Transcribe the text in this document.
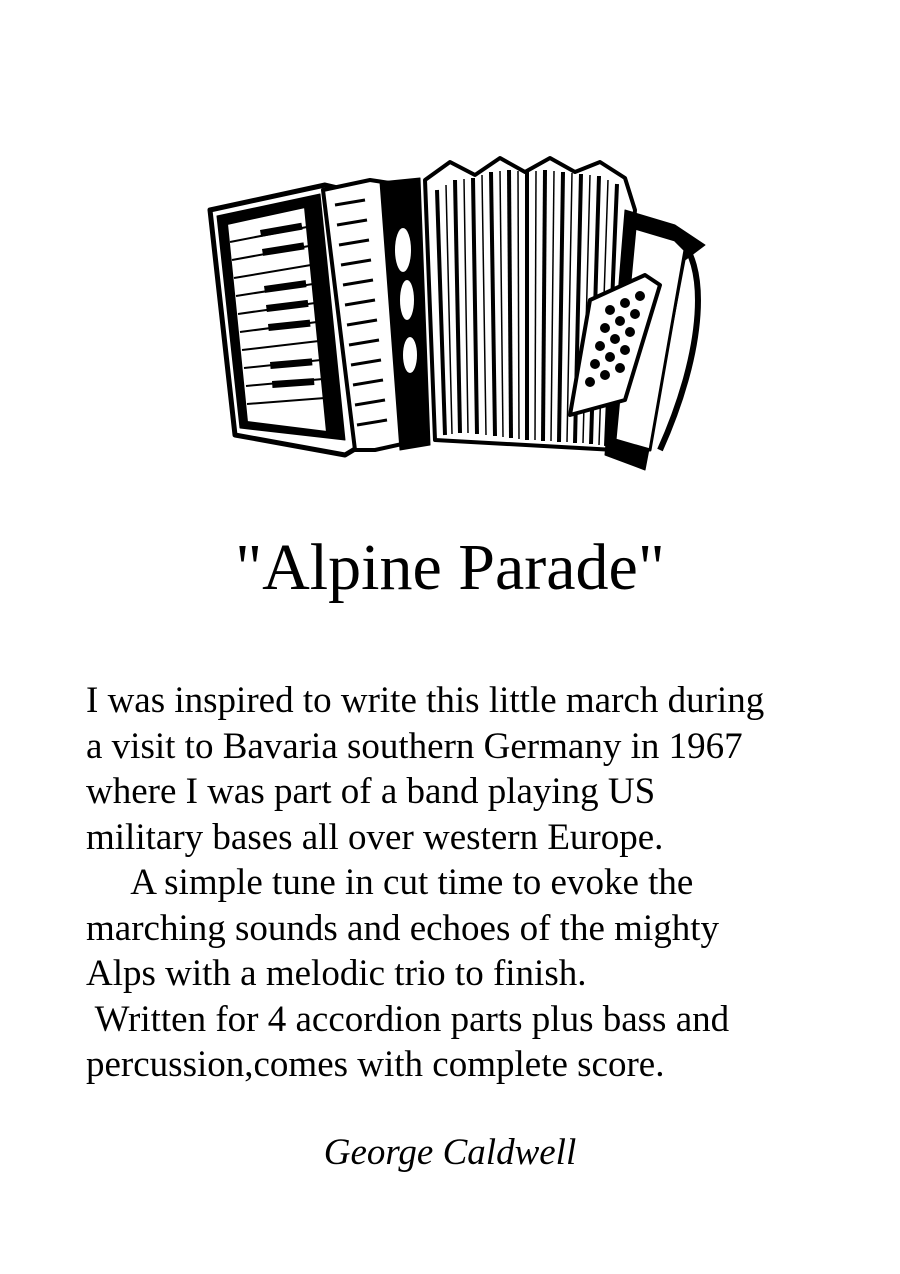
"Alpine Parade"
I was inspired to write this little march during
a visit to Bavaria southern Germany in 1967
where I was part of a band playing US
military bases all over western Europe.
A simple tune in cut time to evoke the
marching sounds and echoes of the mighty
Alps with a melodic trio to finish.
Written for 4 accordion parts plus bass and
percussion,comes with complete score.
George Caldwell
